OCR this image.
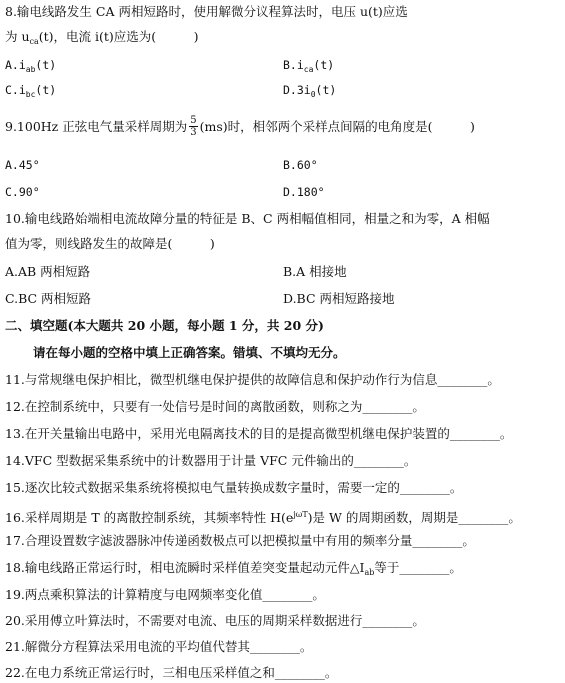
8.输电线路发生 CA 两相短路时，使用解微分议程算法时，电压 u(t)应选
为 $u_{ca}(t)$，电流 i(t)应选为(　　　)
$A.i_{ab}(t)$	$B.i_{ca}(t)$
$C.i_{bc}(t)$	$D.3i_0(t)$
9.100Hz 正弦电气量采样周期为 $\frac{5}{3} (ms)$时，相邻两个采样点间隔的电角度是(　　　)
A.45°	B.60°
C.90°	D.180°
10.输电线路始端相电流故障分量的特征是 B、C 两相幅值相同，相量之和为零，A 相幅
值为零，则线路发生的故障是(　　　)
A.AB 两相短路	B.A 相接地
C.BC 两相短路	D.BC 两相短路接地
二、填空题(本大题共 20 小题，每小题 1 分，共 20 分)
请在每小题的空格中填上正确答案。错填、不填均无分。
11.与常规继电保护相比，微型机继电保护提供的故障信息和保护动作行为信息________。
12.在控制系统中，只要有一处信号是时间的离散函数，则称之为________。
13.在开关量输出电路中，采用光电隔离技术的目的是提高微型机继电保护装置的________。
14.VFC 型数据采集系统中的计数器用于计量 VFC 元件输出的________。
15.逐次比较式数据采集系统将模拟电气量转换成数字量时，需要一定的________。
16.采样周期是 T 的离散控制系统，其频率特性 $H(e^{j\omega T})$是 W 的周期函数，周期是________。
17.合理设置数字滤波器脉冲传递函数极点可以把模拟量中有用的频率分量________。
18.输电线路正常运行时，相电流瞬时采样值差突变量起动元件$\triangle I_{ab}$等于________。
19.两点乘积算法的计算精度与电网频率变化值________。
20.采用傅立叶算法时，不需要对电流、电压的周期采样数据进行________。
21.解微分方程算法采用电流的平均值代替其________。
22.在电力系统正常运行时，三相电压采样值之和________。
